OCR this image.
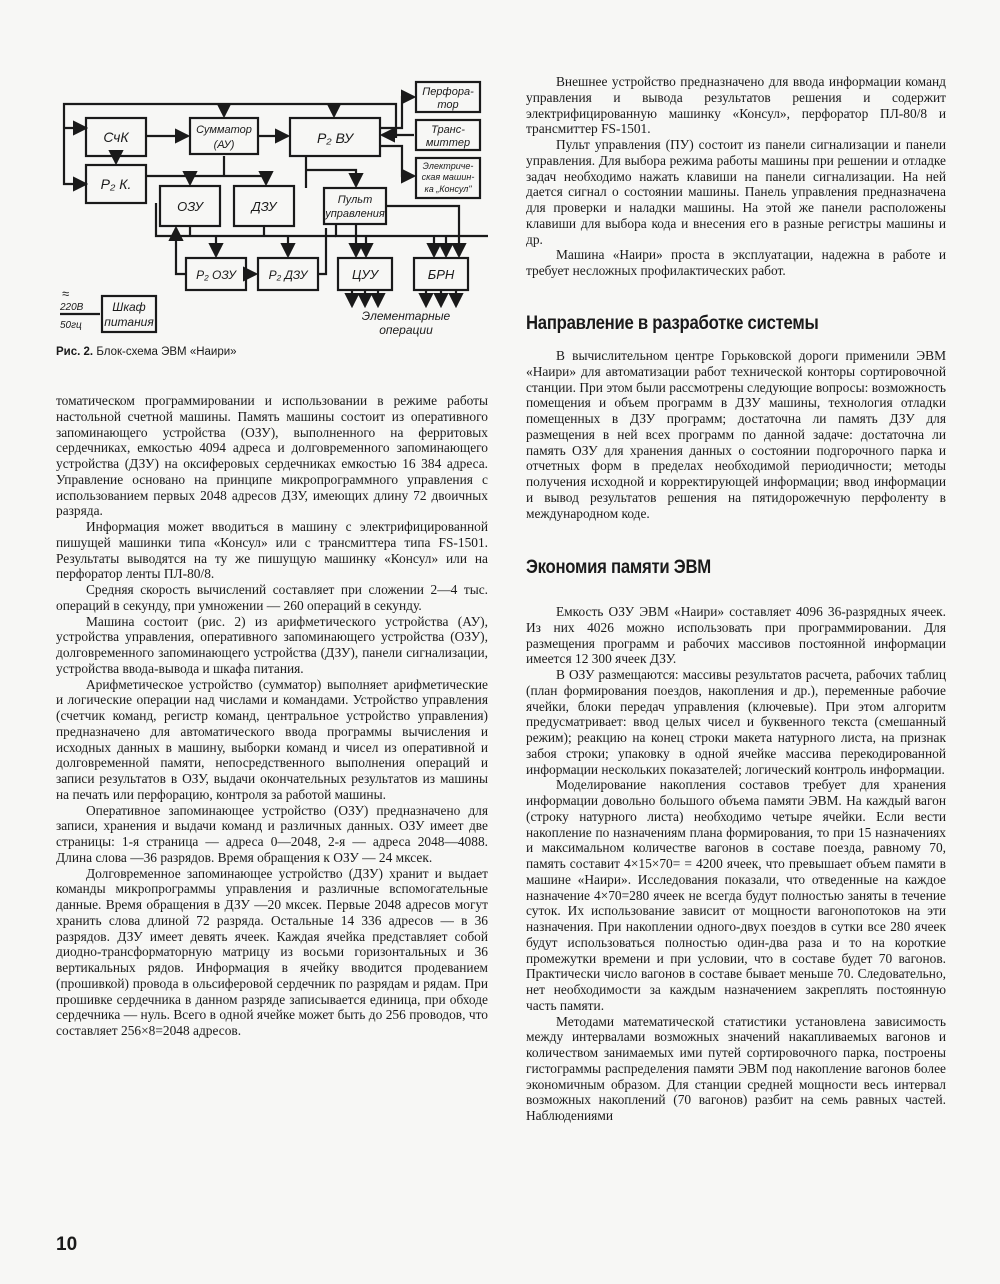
СчК	Сумматор
(АУ)	Р₂ ВУ
Перфора-
тор
Транс-
миттер
Электриче-
ская машин-
ка „Консул"
Р₂ К.
ОЗУ	ДЗУ	Пульт
управления
Р₂ ОЗУ	Р₂ ДЗУ	ЦУУ	БРН
Шкаф
питания
≈
220В
50гц
Элементарные
операции
Рис. 2. Блок-схема ЭВМ «Наири»

томатическом программировании и использовании в режиме работы настольной счетной машины. Память машины состоит из оперативного запоминающего устройства (ОЗУ), выполненного на ферритовых сердечниках, емкостью 4094 адреса и долговременного запоминающего устройства (ДЗУ) на оксиферовых сердечниках емкостью 16 384 адреса. Управление основано на принципе микропрограммного управления с использованием первых 2048 адресов ДЗУ, имеющих длину 72 двоичных разряда.

Информация может вводиться в машину с электрифицированной пишущей машинки типа «Консул» или с трансмиттера типа FS-1501. Результаты выводятся на ту же пишущую машинку «Консул» или на перфоратор ленты ПЛ-80/8.

Средняя скорость вычислений составляет при сложении 2—4 тыс. операций в секунду, при умножении — 260 операций в секунду.

Машина состоит (рис. 2) из арифметического устройства (АУ), устройства управления, оперативного запоминающего устройства (ОЗУ), долговременного запоминающего устройства (ДЗУ), панели сигнализации, устройства ввода-вывода и шкафа питания.

Арифметическое устройство (сумматор) выполняет арифметические и логические операции над числами и командами. Устройство управления (счетчик команд, регистр команд, центральное устройство управления) предназначено для автоматического ввода программы вычисления и исходных данных в машину, выборки команд и чисел из оперативной и долговременной памяти, непосредственного выполнения операций и записи результатов в ОЗУ, выдачи окончательных результатов из машины на печать или перфорацию, контроля за работой машины.

Оперативное запоминающее устройство (ОЗУ) предназначено для записи, хранения и выдачи команд и различных данных. ОЗУ имеет две страницы: 1-я страница — адреса 0—2048, 2-я — адреса 2048—4088. Длина слова —36 разрядов. Время обращения к ОЗУ — 24 мксек.

Долговременное запоминающее устройство (ДЗУ) хранит и выдает команды микропрограммы управления и различные вспомогательные данные. Время обращения в ДЗУ —20 мксек. Первые 2048 адресов могут хранить слова длиной 72 разряда. Остальные 14 336 адресов — в 36 разрядов. ДЗУ имеет девять ячеек. Каждая ячейка представляет собой диодно-трансформаторную матрицу из восьми горизонтальных и 36 вертикальных рядов. Информация в ячейку вводится продеванием (прошивкой) провода в ольсиферовой сердечник по разрядам и рядам. При прошивке сердечника в данном разряде записывается единица, при обходе сердечника — нуль. Всего в одной ячейке может быть до 256 проводов, что составляет 256×8=2048 адресов.

Внешнее устройство предназначено для ввода информации команд управления и вывода результатов решения и содержит электрифицированную машинку «Консул», перфоратор ПЛ-80/8 и трансмиттер FS-1501.

Пульт управления (ПУ) состоит из панели сигнализации и панели управления. Для выбора режима работы машины при решении и отладке задач необходимо нажать клавиши на панели сигнализации. На ней дается сигнал о состоянии машины. Панель управления предназначена для проверки и наладки машины. На этой же панели расположены клавиши для выбора кода и внесения его в разные регистры машины и др.

Машина «Наири» проста в эксплуатации, надежна в работе и требует несложных профилактических работ.

Направление в разработке системы

В вычислительном центре Горьковской дороги применили ЭВМ «Наири» для автоматизации работ технической конторы сортировочной станции. При этом были рассмотрены следующие вопросы: возможность помещения и объем программ в ДЗУ машины, технология отладки помещенных в ДЗУ программ; достаточна ли память ДЗУ для размещения в ней всех программ по данной задаче: достаточна ли память ОЗУ для хранения данных о состоянии подгорочного парка и отчетных форм в пределах необходимой периодичности; методы получения исходной и корректирующей информации; ввод информации и вывод результатов решения на пятидорожечную перфоленту в международном коде.

Экономия памяти ЭВМ

Емкость ОЗУ ЭВМ «Наири» составляет 4096 36-разрядных ячеек. Из них 4026 можно использовать при программировании. Для размещения программ и рабочих массивов постоянной информации имеется 12 300 ячеек ДЗУ.

В ОЗУ размещаются: массивы результатов расчета, рабочих таблиц (план формирования поездов, накопления и др.), переменные рабочие ячейки, блоки передач управления (ключевые). При этом алгоритм предусматривает: ввод целых чисел и буквенного текста (смешанный режим); реакцию на конец строки макета натурного листа, на признак забоя строки; упаковку в одной ячейке массива перекодированной информации нескольких показателей; логический контроль информации.

Моделирование накопления составов требует для хранения информации довольно большого объема памяти ЭВМ. На каждый вагон (строку натурного листа) необходимо четыре ячейки. Если вести накопление по назначениям плана формирования, то при 15 назначениях и максимальном количестве вагонов в составе поезда, равному 70, память составит 4×15×70= = 4200 ячеек, что превышает объем памяти в машине «Наири». Исследования показали, что отведенные на каждое назначение 4×70=280 ячеек не всегда будут полностью заняты в течение суток. Их использование зависит от мощности вагонопотоков на эти назначения. При накоплении одного-двух поездов в сутки все 280 ячеек будут использоваться полностью один-два раза и то на короткие промежутки времени и при условии, что в составе будет 70 вагонов. Практически число вагонов в составе бывает меньше 70. Следовательно, нет необходимости за каждым назначением закреплять постоянную часть памяти.

Методами математической статистики установлена зависимость между интервалами возможных значений накапливаемых вагонов и количеством занимаемых ими путей сортировочного парка, построены гистограммы распределения памяти ЭВМ под накопление вагонов более экономичным образом. Для станции средней мощности весь интервал возможных накоплений (70 вагонов) разбит на семь равных частей. Наблюдениями

10
